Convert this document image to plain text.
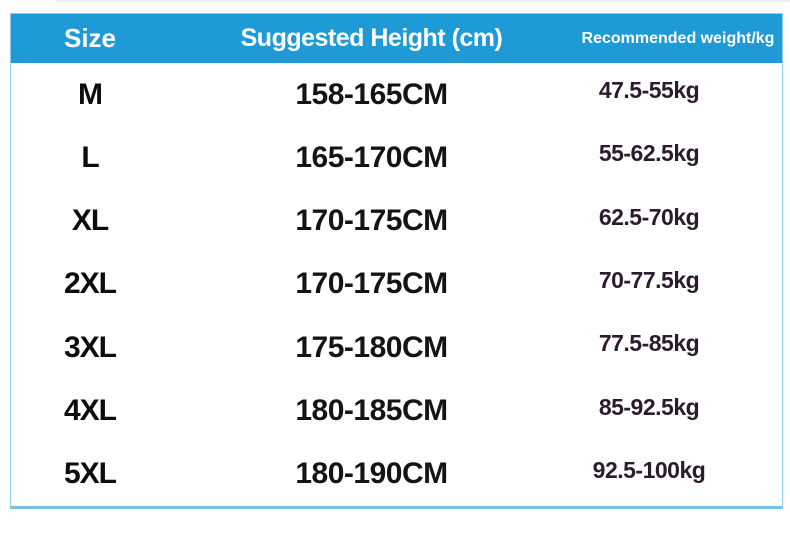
Size	Suggested Height (cm)	Recommended weight/kg
M	158-165CM	47.5-55kg
L	165-170CM	55-62.5kg
XL	170-175CM	62.5-70kg
2XL	170-175CM	70-77.5kg
3XL	175-180CM	77.5-85kg
4XL	180-185CM	85-92.5kg
5XL	180-190CM	92.5-100kg
